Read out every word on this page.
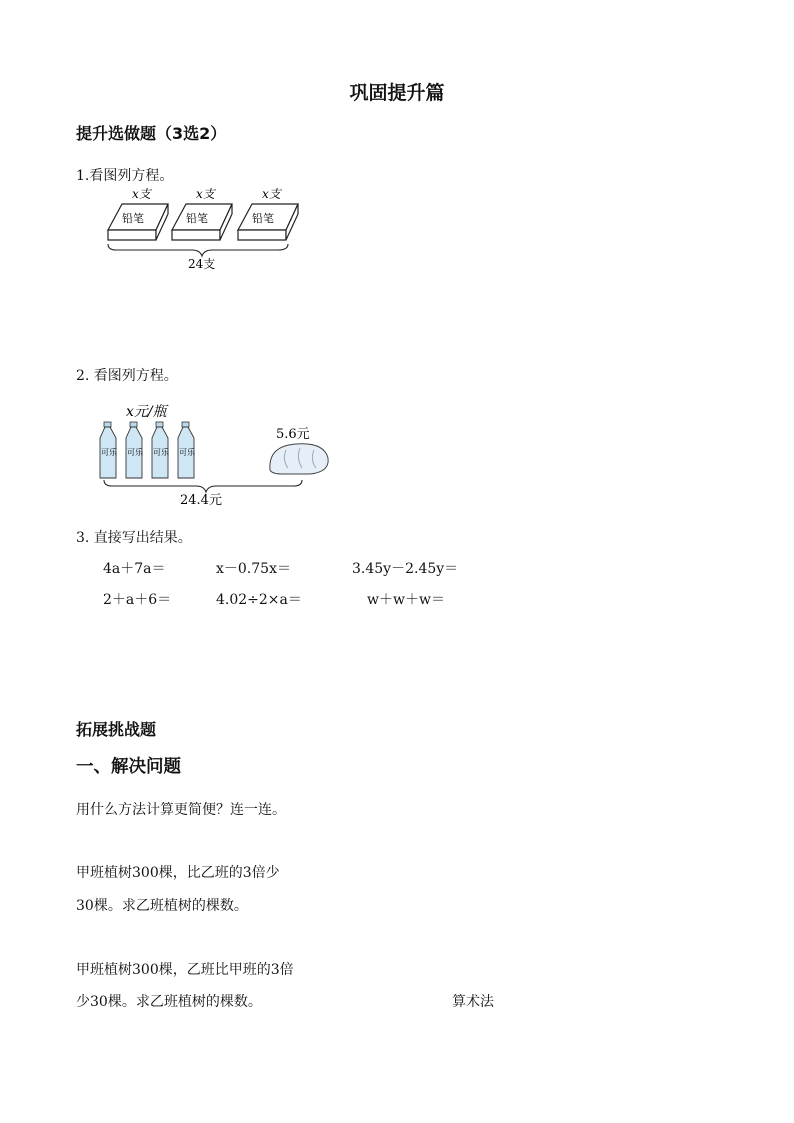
巩固提升篇
提升选做题（3选2）
1.看图列方程。
x支
铅笔
x支
铅笔
x支
铅笔
24支
2. 看图列方程。
x元/瓶
可乐 可乐 可乐 可乐
24.4元
5.6元
3. 直接写出结果。
4a＋7a＝	x－0.75x＝	3.45y－2.45y＝
2＋a＋6＝	4.02÷2×a＝	w＋w＋w＝
拓展挑战题
一、解决问题
用什么方法计算更简便？连一连。
甲班植树300棵，比乙班的3倍少
30棵。求乙班植树的棵数。
甲班植树300棵，乙班比甲班的3倍
少30棵。求乙班植树的棵数。	算术法
